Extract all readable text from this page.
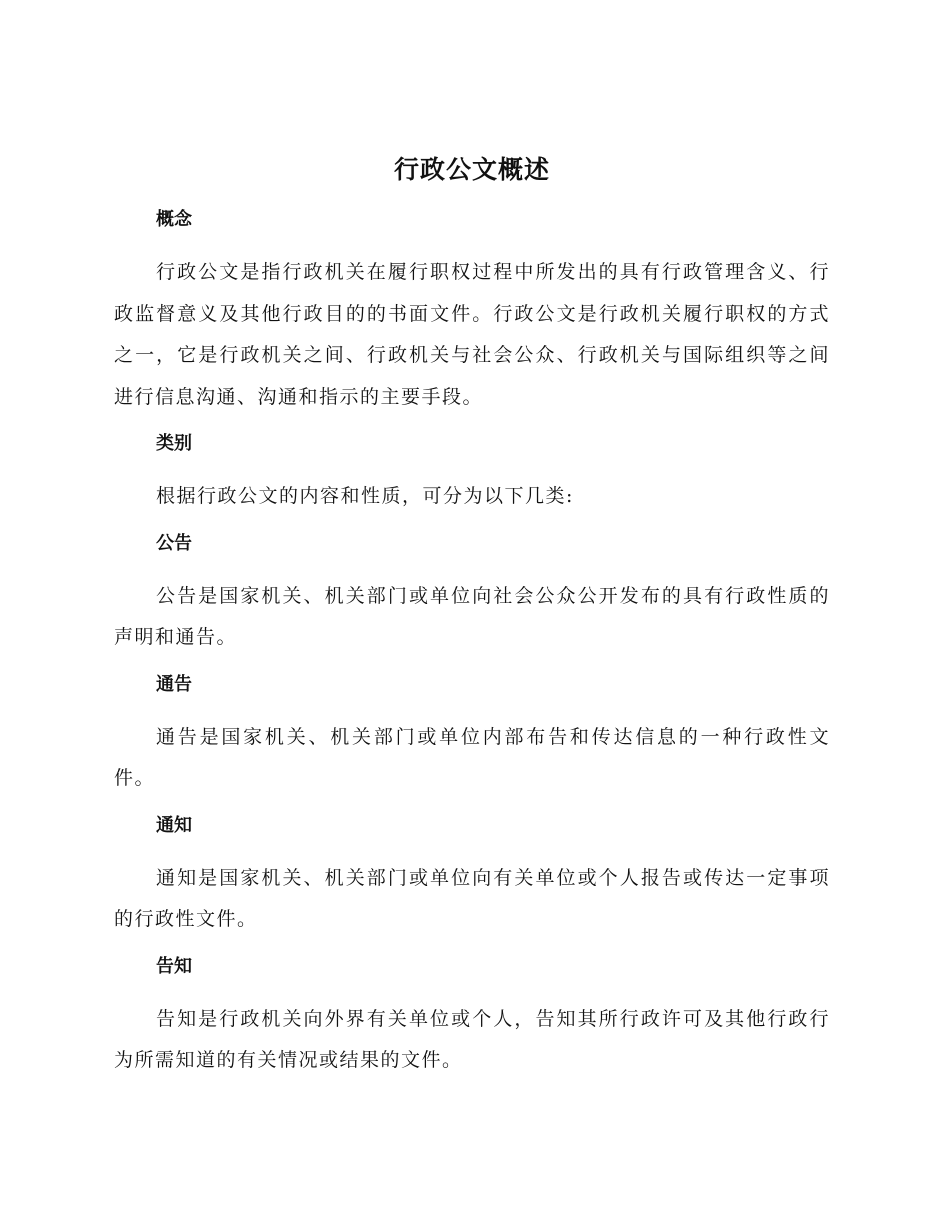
行政公文概述
概念

行政公文是指行政机关在履行职权过程中所发出的具有行政管理含义、行政监督意义及其他行政目的的书面文件。行政公文是行政机关履行职权的方式之一，它是行政机关之间、行政机关与社会公众、行政机关与国际组织等之间进行信息沟通、沟通和指示的主要手段。

类别

根据行政公文的内容和性质，可分为以下几类:

公告

公告是国家机关、机关部门或单位向社会公众公开发布的具有行政性质的声明和通告。

通告

通告是国家机关、机关部门或单位内部布告和传达信息的一种行政性文件。

通知

通知是国家机关、机关部门或单位向有关单位或个人报告或传达一定事项的行政性文件。

告知

告知是行政机关向外界有关单位或个人，告知其所行政许可及其他行政行为所需知道的有关情况或结果的文件。
